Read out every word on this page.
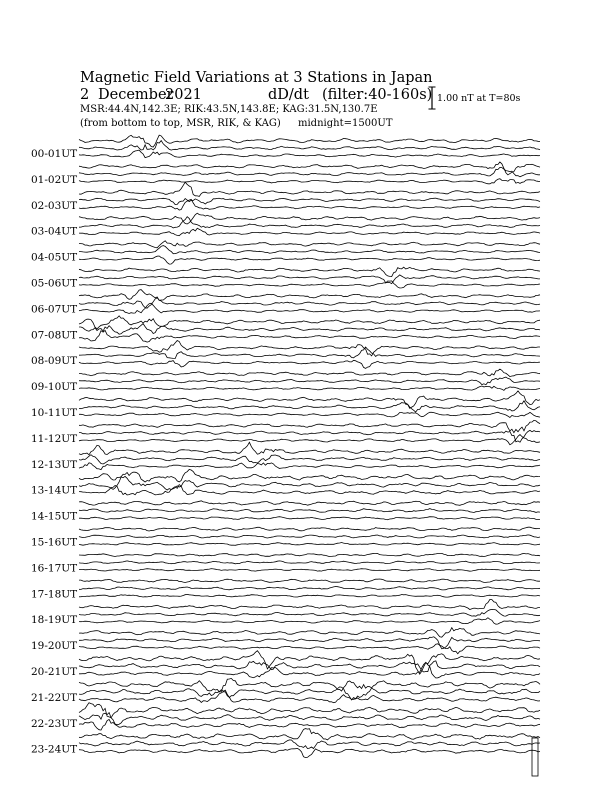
Magnetic Field Variations at 3 Stations in Japan
2 December
2021	dD/dt (filter:40-160s)
MSR:44.4N,142.3E; RIK:43.5N,143.8E; KAG:31.5N,130.7E
(from bottom to top, MSR, RIK, & KAG) midnight=1500UT
1.00 nT at T=80s
00-01UT
01-02UT
02-03UT
03-04UT
04-05UT
05-06UT
06-07UT
07-08UT
08-09UT
09-10UT
10-11UT
11-12UT
12-13UT
13-14UT
14-15UT
15-16UT
16-17UT
17-18UT
18-19UT
19-20UT
20-21UT
21-22UT
22-23UT
23-24UT
